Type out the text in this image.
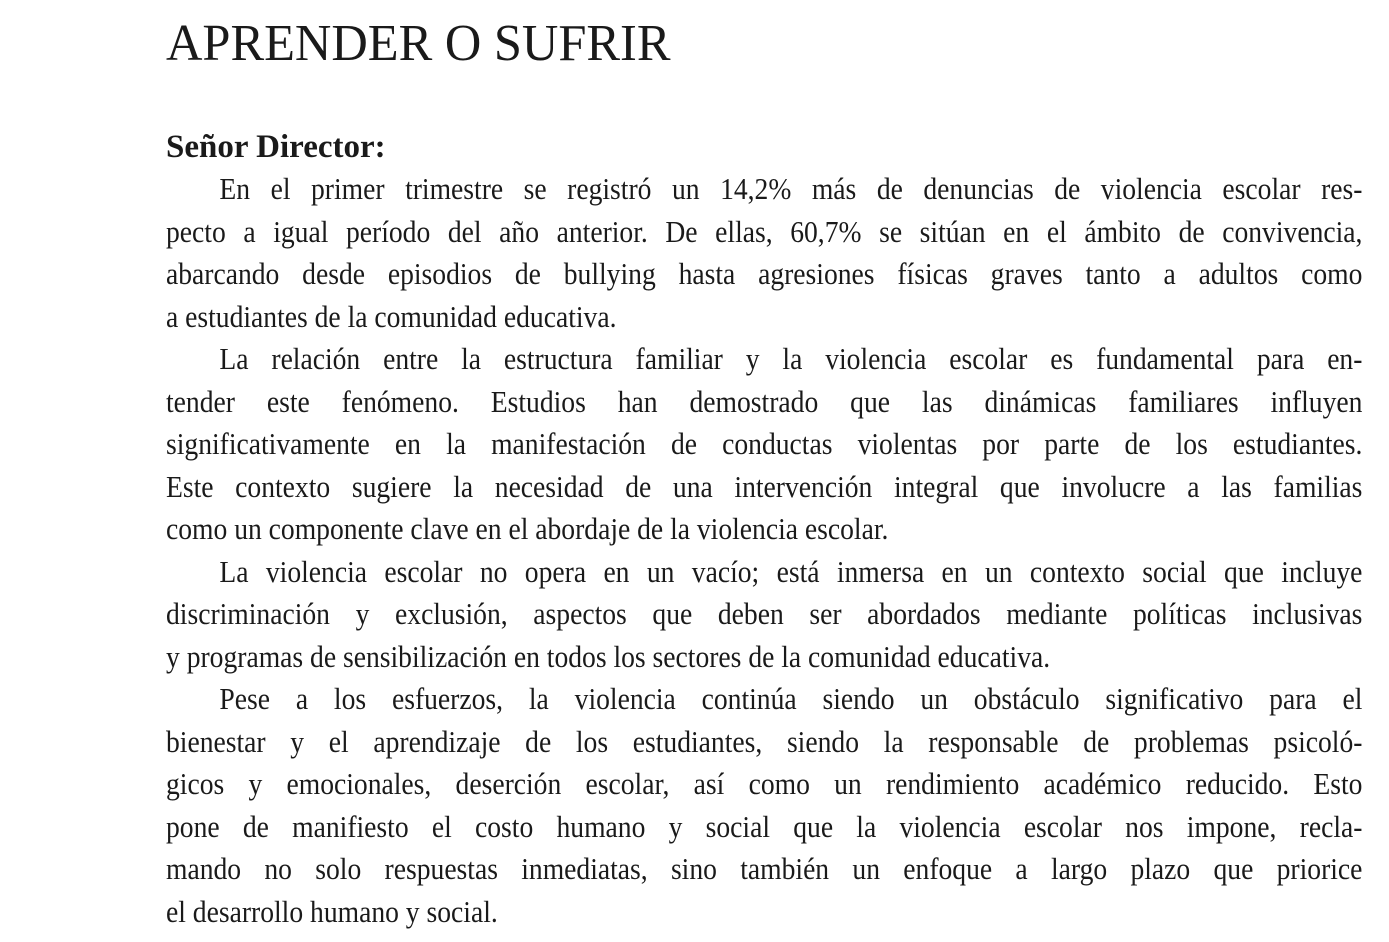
APRENDER O SUFRIR
Señor Director:
En el primer trimestre se registró un 14,2% más de denuncias de violencia escolar res-
pecto a igual período del año anterior. De ellas, 60,7% se sitúan en el ámbito de convivencia,
abarcando desde episodios de bullying hasta agresiones físicas graves tanto a adultos como
a estudiantes de la comunidad educativa.
La relación entre la estructura familiar y la violencia escolar es fundamental para en-
tender este fenómeno. Estudios han demostrado que las dinámicas familiares influyen
significativamente en la manifestación de conductas violentas por parte de los estudiantes.
Este contexto sugiere la necesidad de una intervención integral que involucre a las familias
como un componente clave en el abordaje de la violencia escolar.
La violencia escolar no opera en un vacío; está inmersa en un contexto social que incluye
discriminación y exclusión, aspectos que deben ser abordados mediante políticas inclusivas
y programas de sensibilización en todos los sectores de la comunidad educativa.
Pese a los esfuerzos, la violencia continúa siendo un obstáculo significativo para el
bienestar y el aprendizaje de los estudiantes, siendo la responsable de problemas psicoló-
gicos y emocionales, deserción escolar, así como un rendimiento académico reducido. Esto
pone de manifiesto el costo humano y social que la violencia escolar nos impone, recla-
mando no solo respuestas inmediatas, sino también un enfoque a largo plazo que priorice
el desarrollo humano y social.
